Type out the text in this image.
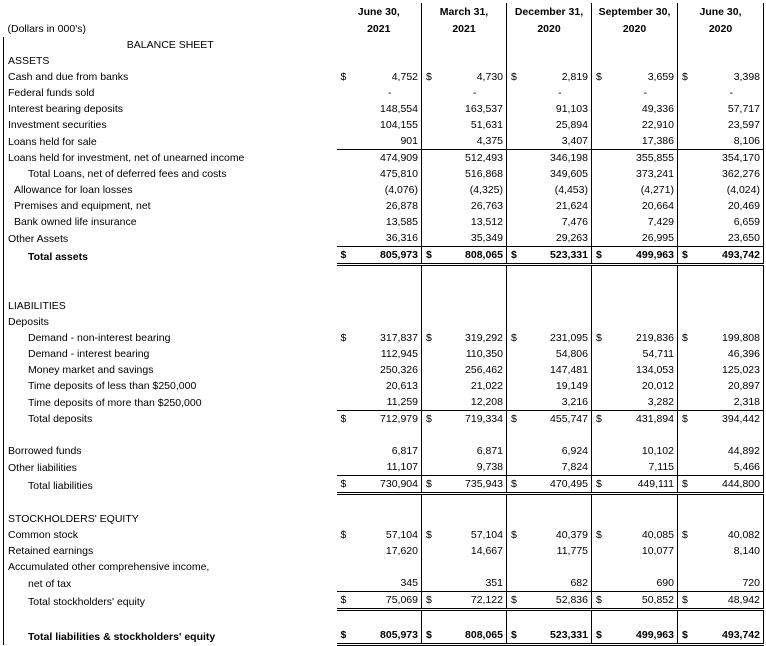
	June 30,		March 31,		December 31,		September 30,		June 30,	
(Dollars in 000's)	2021		2021		2020		2020		2020	
BALANCE SHEET										
ASSETS										
Cash and due from banks	$	4,752	$	4,730	$	2,819	$	3,659	$	3,398
Federal funds sold		-		-		-		-		-
Interest bearing deposits		148,554		163,537		91,103		49,336		57,717
Investment securities		104,155		51,631		25,894		22,910		23,597
Loans held for sale		901		4,375		3,407		17,386		8,106
Loans held for investment, net of unearned income		474,909		512,493		346,198		355,855		354,170
Total Loans, net of deferred fees and costs		475,810		516,868		349,605		373,241		362,276
Allowance for loan losses		(4,076)		(4,325)		(4,453)		(4,271)		(4,024)
Premises and equipment, net		26,878		26,763		21,624		20,664		20,469
Bank owned life insurance		13,585		13,512		7,476		7,429		6,659
Other Assets		36,316		35,349		29,263		26,995		23,650
Total assets	$	805,973	$	808,065	$	523,331	$	499,963	$	493,742

LIABILITIES										
Deposits										
Demand - non-interest bearing	$	317,837	$	319,292	$	231,095	$	219,836	$	199,808
Demand - interest bearing		112,945		110,350		54,806		54,711		46,396
Money market and savings		250,326		256,462		147,481		134,053		125,023
Time deposits of less than $250,000		20,613		21,022		19,149		20,012		20,897
Time deposits of more than $250,000		11,259		12,208		3,216		3,282		2,318
Total deposits	$	712,979	$	719,334	$	455,747	$	431,894	$	394,442

Borrowed funds		6,817		6,871		6,924		10,102		44,892
Other liabilities		11,107		9,738		7,824		7,115		5,466
Total liabilities	$	730,904	$	735,943	$	470,495	$	449,111	$	444,800

STOCKHOLDERS' EQUITY										
Common stock	$	57,104	$	57,104	$	40,379	$	40,085	$	40,082
Retained earnings		17,620		14,667		11,775		10,077		8,140
Accumulated other comprehensive income,										
net of tax		345		351		682		690		720
Total stockholders' equity	$	75,069	$	72,122	$	52,836	$	50,852	$	48,942

Total liabilities & stockholders' equity	$	805,973	$	808,065	$	523,331	$	499,963	$	493,742
